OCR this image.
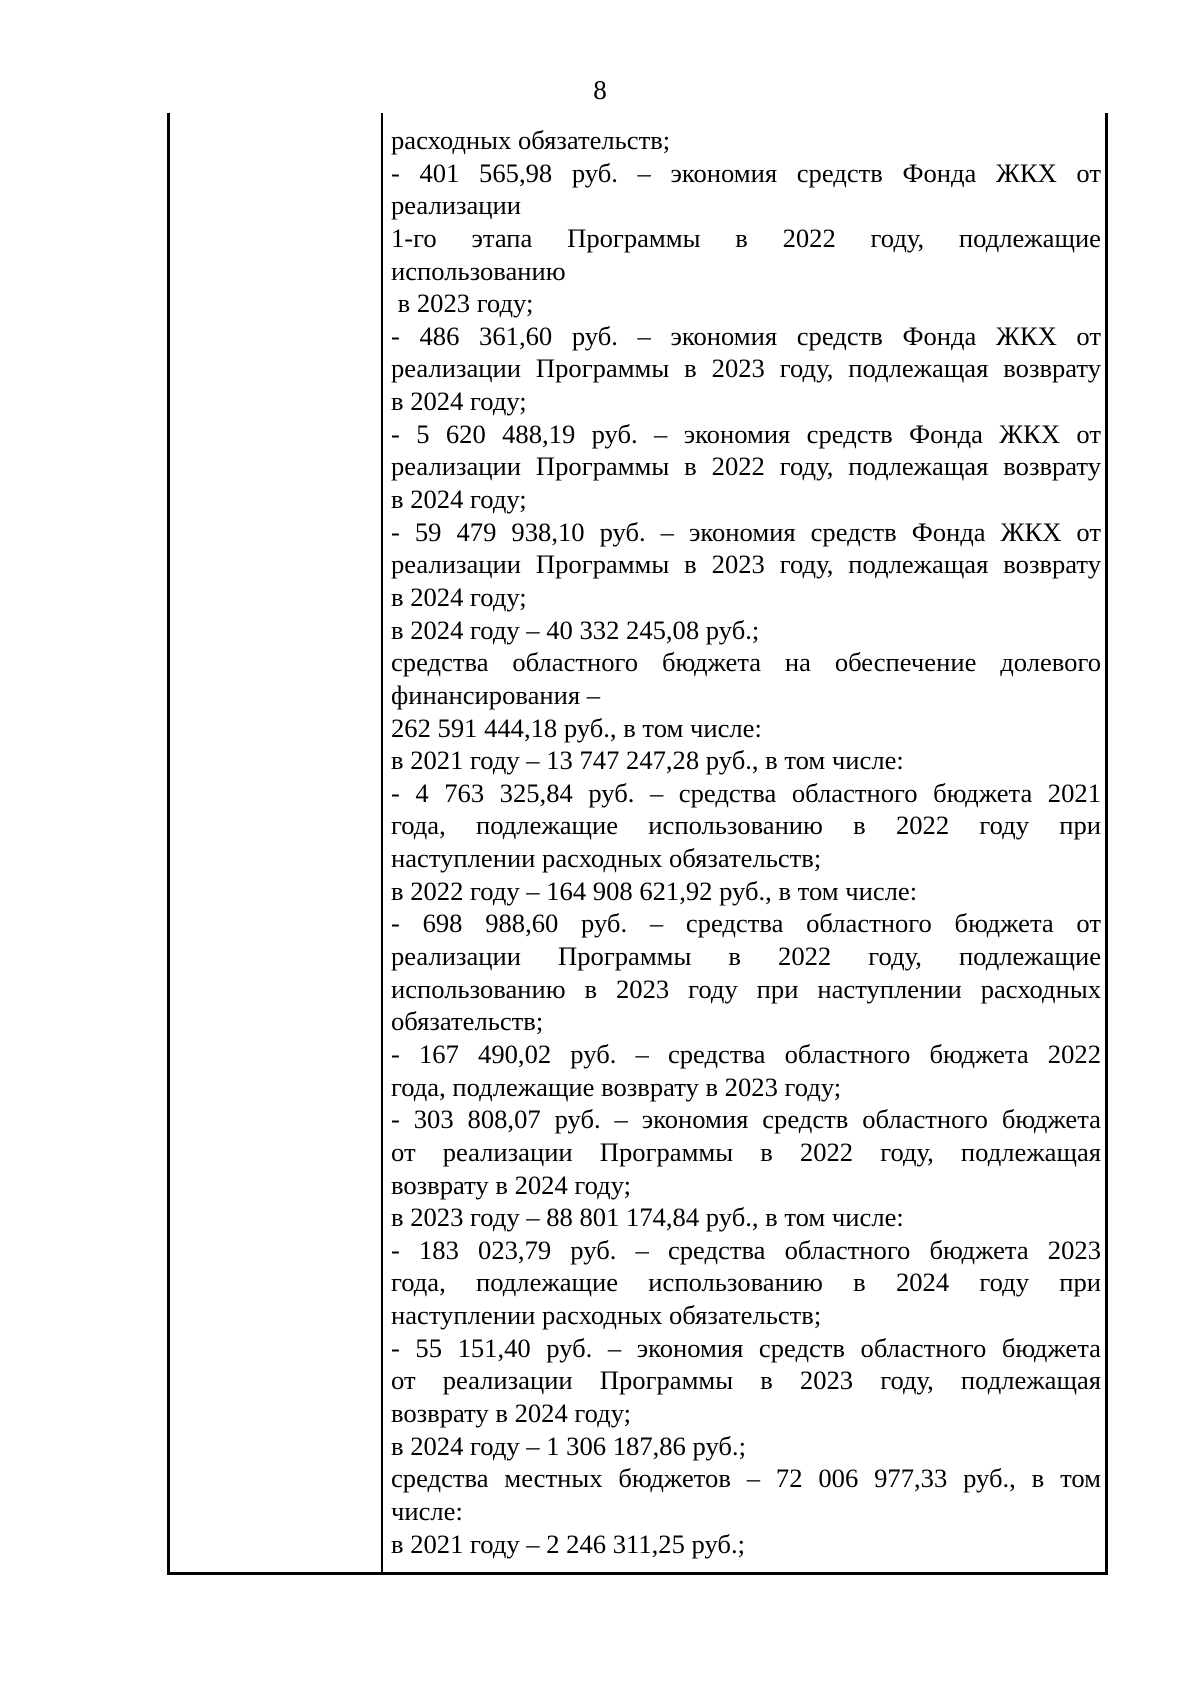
8
расходных обязательств;
- 401 565,98 руб. – экономия средств Фонда ЖКХ от
реализации
1-го этапа Программы в 2022 году, подлежащие
использованию
в 2023 году;
- 486 361,60 руб. – экономия средств Фонда ЖКХ от
реализации Программы в 2023 году, подлежащая возврату
в 2024 году;
- 5 620 488,19 руб. – экономия средств Фонда ЖКХ от
реализации Программы в 2022 году, подлежащая возврату
в 2024 году;
- 59 479 938,10 руб. – экономия средств Фонда ЖКХ от
реализации Программы в 2023 году, подлежащая возврату
в 2024 году;
в 2024 году – 40 332 245,08 руб.;
средства областного бюджета на обеспечение долевого
финансирования –
262 591 444,18 руб., в том числе:
в 2021 году – 13 747 247,28 руб., в том числе:
- 4 763 325,84 руб. – средства областного бюджета 2021
года, подлежащие использованию в 2022 году при
наступлении расходных обязательств;
в 2022 году – 164 908 621,92 руб., в том числе:
- 698 988,60 руб. – средства областного бюджета от
реализации Программы в 2022 году, подлежащие
использованию в 2023 году при наступлении расходных
обязательств;
- 167 490,02 руб. – средства областного бюджета 2022
года, подлежащие возврату в 2023 году;
- 303 808,07 руб. – экономия средств областного бюджета
от реализации Программы в 2022 году, подлежащая
возврату в 2024 году;
в 2023 году – 88 801 174,84 руб., в том числе:
- 183 023,79 руб. – средства областного бюджета 2023
года, подлежащие использованию в 2024 году при
наступлении расходных обязательств;
- 55 151,40 руб. – экономия средств областного бюджета
от реализации Программы в 2023 году, подлежащая
возврату в 2024 году;
в 2024 году – 1 306 187,86 руб.;
средства местных бюджетов – 72 006 977,33 руб., в том
числе:
в 2021 году – 2 246 311,25 руб.;
